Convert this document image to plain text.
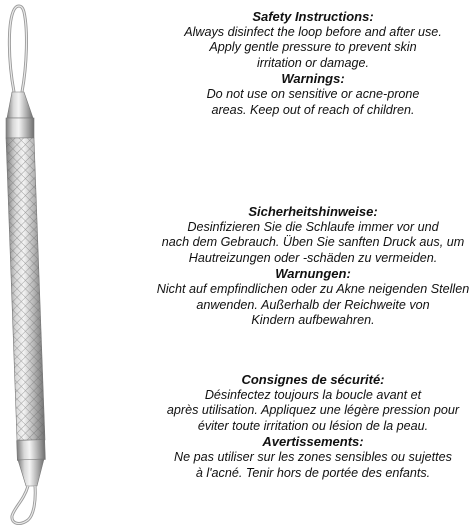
Safety Instructions:
Always disinfect the loop before and after use.
Apply gentle pressure to prevent skin
irritation or damage.
Warnings:
Do not use on sensitive or acne-prone
areas. Keep out of reach of children.
Sicherheitshinweise:
Desinfizieren Sie die Schlaufe immer vor und
nach dem Gebrauch. Üben Sie sanften Druck aus, um
Hautreizungen oder -schäden zu vermeiden.
Warnungen:
Nicht auf empfindlichen oder zu Akne neigenden Stellen
anwenden. Außerhalb der Reichweite von
Kindern aufbewahren.
Consignes de sécurité:
Désinfectez toujours la boucle avant et
après utilisation. Appliquez une légère pression pour
éviter toute irritation ou lésion de la peau.
Avertissements:
Ne pas utiliser sur les zones sensibles ou sujettes
à l'acné. Tenir hors de portée des enfants.
